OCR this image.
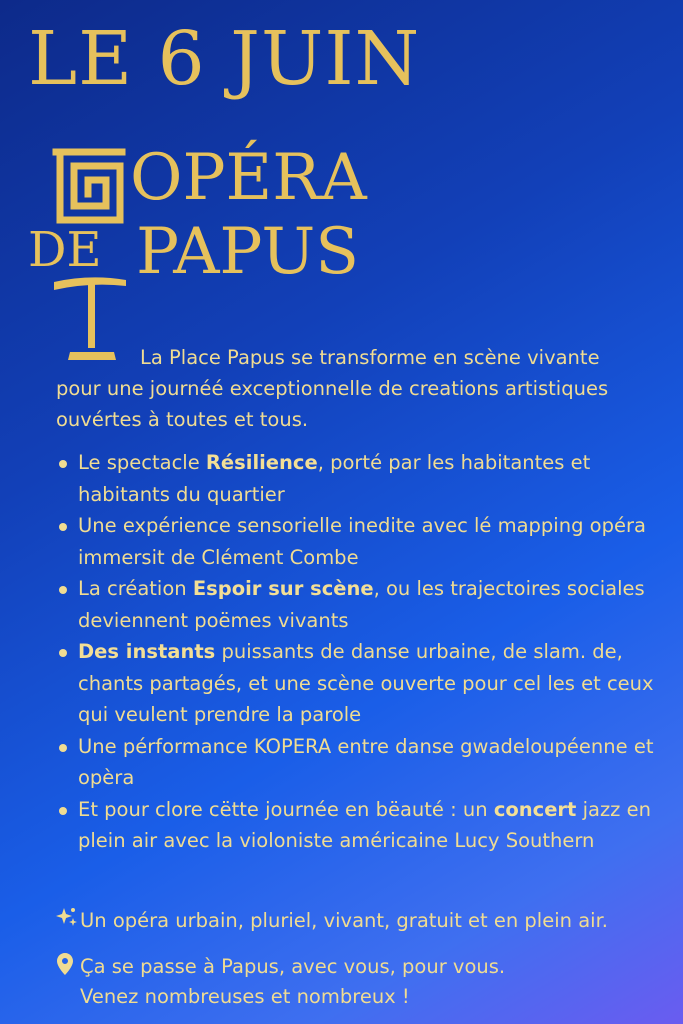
LE 6 JUIN
OPÉRA
DE PAPUS
La Place Papus se transforme en scène vivante pour une journéé exceptionnelle de creations artistiques ouvértes à toutes et tous.
Le spectacle Résilience, porté par les habitantes et habitants du quartier
Une expérience sensorielle inedite avec lé mapping opéra immersit de Clément Combe
La création Espoir sur scène, ou les trajectoires sociales deviennent poëmes vivants
Des instants puissants de danse urbaine, de slam. de, chants partagés, et une scène ouverte pour cel les et ceux qui veulent prendre la parole
Une pérformance KOPERA entre danse gwadeloupéenne et opèra
Et pour clore cëtte journée en bëauté : un concert jazz en plein air avec la violoniste américaine Lucy Southern
Un opéra urbain, pluriel, vivant, gratuit et en plein air.
Ça se passe à Papus, avec vous, pour vous.
Venez nombreuses et nombreux !
